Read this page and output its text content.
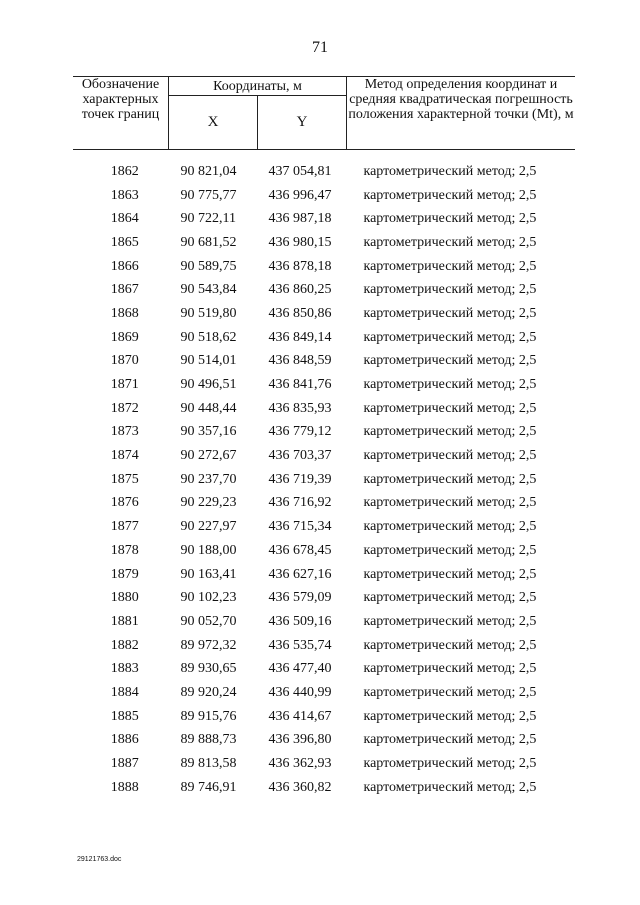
71
Обозначение характерных точек границ	Координаты, м		Метод определения координат и средняя квадратическая погрешность положения характерной точки (Mt), м
	X	Y	
1862	90 821,04	437 054,81	картометрический метод; 2,5
1863	90 775,77	436 996,47	картометрический метод; 2,5
1864	90 722,11	436 987,18	картометрический метод; 2,5
1865	90 681,52	436 980,15	картометрический метод; 2,5
1866	90 589,75	436 878,18	картометрический метод; 2,5
1867	90 543,84	436 860,25	картометрический метод; 2,5
1868	90 519,80	436 850,86	картометрический метод; 2,5
1869	90 518,62	436 849,14	картометрический метод; 2,5
1870	90 514,01	436 848,59	картометрический метод; 2,5
1871	90 496,51	436 841,76	картометрический метод; 2,5
1872	90 448,44	436 835,93	картометрический метод; 2,5
1873	90 357,16	436 779,12	картометрический метод; 2,5
1874	90 272,67	436 703,37	картометрический метод; 2,5
1875	90 237,70	436 719,39	картометрический метод; 2,5
1876	90 229,23	436 716,92	картометрический метод; 2,5
1877	90 227,97	436 715,34	картометрический метод; 2,5
1878	90 188,00	436 678,45	картометрический метод; 2,5
1879	90 163,41	436 627,16	картометрический метод; 2,5
1880	90 102,23	436 579,09	картометрический метод; 2,5
1881	90 052,70	436 509,16	картометрический метод; 2,5
1882	89 972,32	436 535,74	картометрический метод; 2,5
1883	89 930,65	436 477,40	картометрический метод; 2,5
1884	89 920,24	436 440,99	картометрический метод; 2,5
1885	89 915,76	436 414,67	картометрический метод; 2,5
1886	89 888,73	436 396,80	картометрический метод; 2,5
1887	89 813,58	436 362,93	картометрический метод; 2,5
1888	89 746,91	436 360,82	картометрический метод; 2,5
29121763.doc
